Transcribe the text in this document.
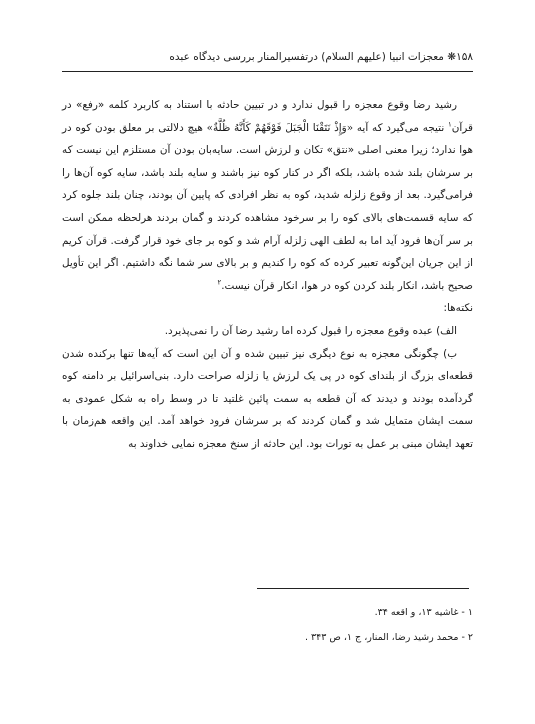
۱۵۸❋ معجزات انبيا (عليهم السلام) درتفسيرالمنار بررسی دیدگاه عبده

رشید رضا وقوع معجزه را قبول ندارد و در تبیین حادثه با استناد به کاربرد کلمه «رفع» در قرآن$^۱$ نتیجه می‌گیرد که آیه «وَإِذْ نَتَقْنَا الْجَبَلَ فَوْقَهُمْ كَأَنَّهُ ظُلَّةٌ» هیچ دلالتی بر معلق بودن کوه در هوا ندارد؛ زیرا معنی اصلی «نتق» تکان و لرزش است. سایه‌بان بودن آن مستلزم این نیست که بر سرشان بلند شده باشد، بلکه اگر در کنار کوه نیز باشند و سایه بلند باشد، سایه کوه آن‌ها را فرامی‌گیرد. بعد از وقوع زلزله شدید، کوه به نظر افرادی که پایین آن بودند، چنان بلند جلوه کرد که سایه قسمت‌های بالای کوه را بر سرخود مشاهده کردند و گمان بردند هرلحظه ممکن است بر سر آن‌ها فرود آید اما به لطف الهی زلزله آرام شد و کوه بر جای خود قرار گرفت. قرآن کریم از این جریان این‌گونه تعبیر کرده که کوه را کندیم و بر بالای سر شما نگه داشتیم. اگر این تأویل صحیح باشد، انکار بلند کردن کوه در هوا، انکار قرآن نیست.$^۲$

نکته‌ها:

الف) عبده وقوع معجزه را قبول کرده اما رشید رضا آن را نمی‌پذیرد.

ب) چگونگی معجزه به نوع دیگری نیز تبیین شده و آن این است که آیه‌ها تنها برکنده شدن قطعه‌ای بزرگ از بلندای کوه در پی یک لرزش یا زلزله صراحت دارد. بنی‌اسرائیل بر دامنه کوه گردآمده بودند و دیدند که آن قطعه به سمت پائین غلتید تا در وسط راه به شکل عمودی به سمت ایشان متمایل شد و گمان کردند که بر سرشان فرود خواهد آمد. این واقعه هم‌زمان با تعهد ایشان مبنی بر عمل به تورات بود. این حادثه از سنخ معجزه نمایی خداوند به

۱ - غاشیه ۱۳، و اقعه ۳۴.
۲ - محمد رشید رضا، المنار، ج ۱، ص ۳۴۳ .
